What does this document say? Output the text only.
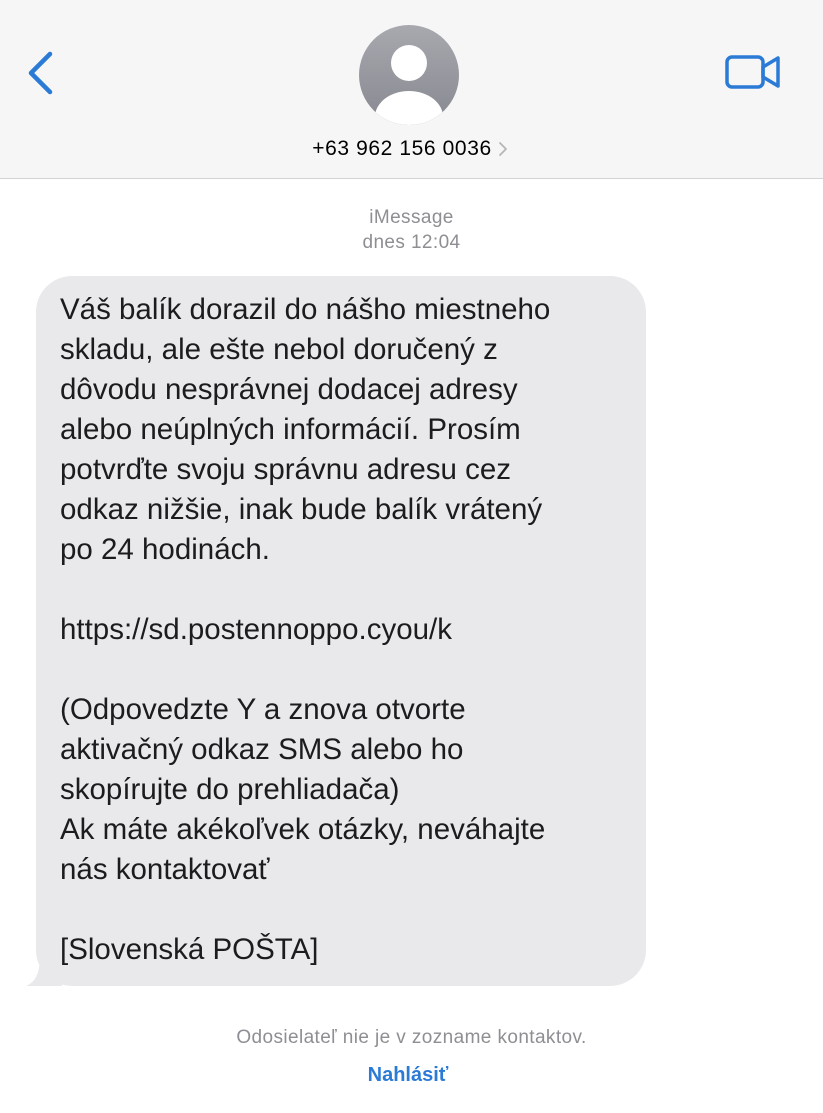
+63 962 156 0036
iMessage
dnes 12:04

Váš balík dorazil do nášho miestneho
skladu, ale ešte nebol doručený z
dôvodu nesprávnej dodacej adresy
alebo neúplných informácií. Prosím
potvrďte svoju správnu adresu cez
odkaz nižšie, inak bude balík vrátený
po 24 hodinách.

https://sd.postennoppo.cyou/k

(Odpovedzte Y a znova otvorte
aktivačný odkaz SMS alebo ho
skopírujte do prehliadača)
Ak máte akékoľvek otázky, neváhajte
nás kontaktovať

[Slovenská POŠTA]

Odosielateľ nie je v zozname kontaktov.
Nahlásiť
